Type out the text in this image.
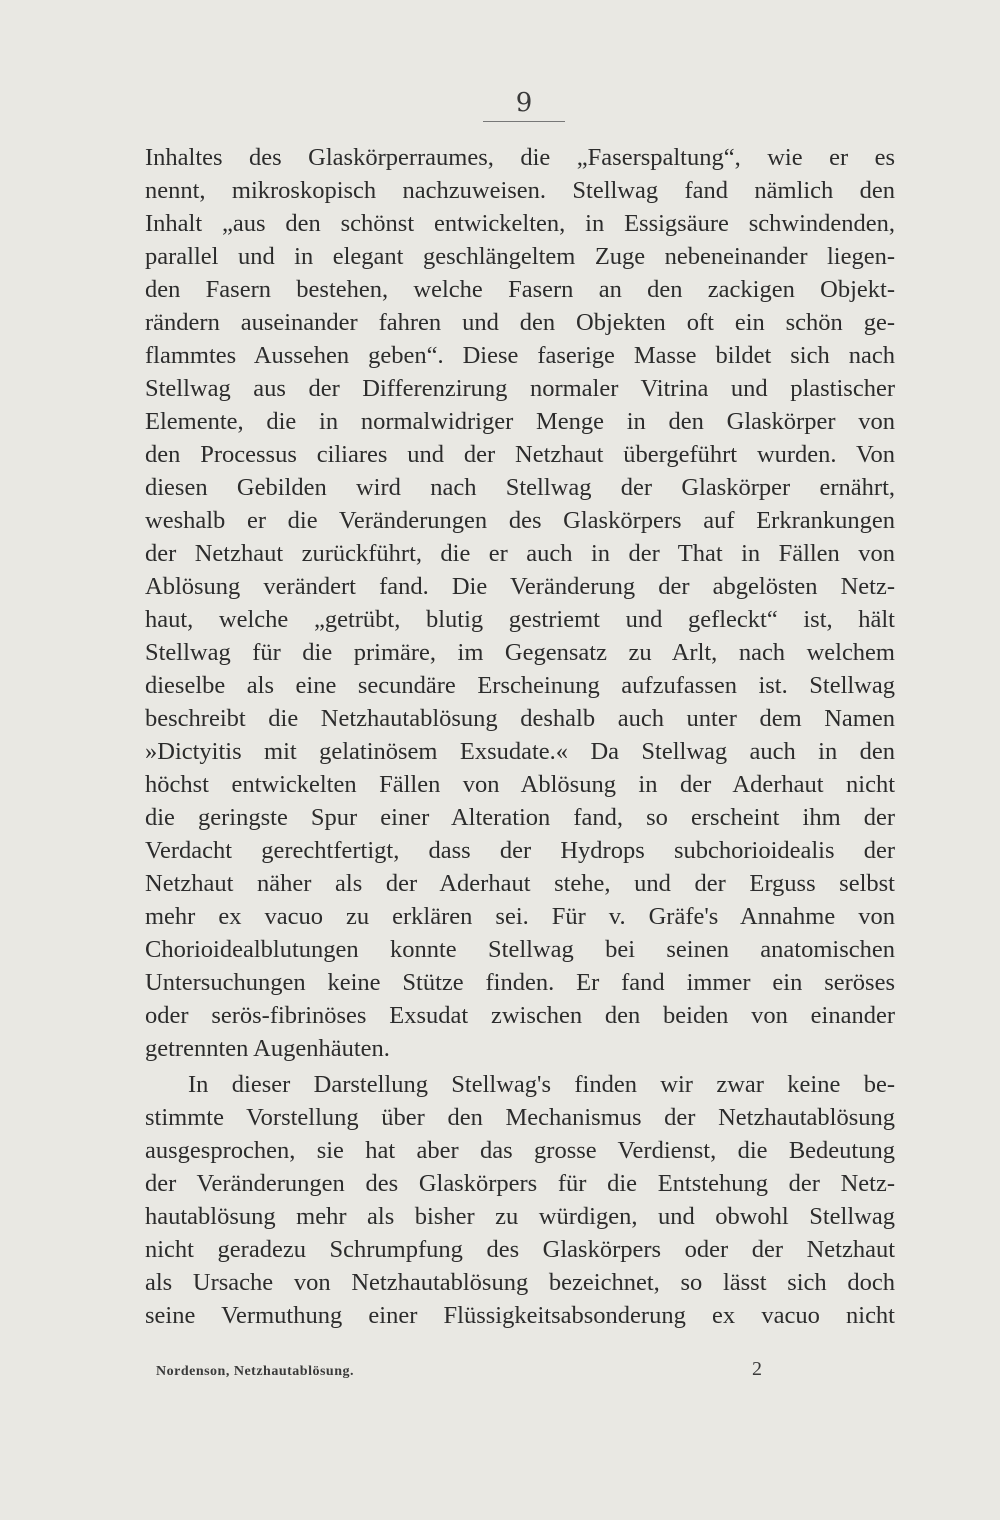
9
Inhaltes des Glaskörperraumes, die „Faserspaltung“, wie er es
nennt, mikroskopisch nachzuweisen. Stellwag fand nämlich den
Inhalt „aus den schönst entwickelten, in Essigsäure schwindenden,
parallel und in elegant geschlängeltem Zuge nebeneinander liegen-
den Fasern bestehen, welche Fasern an den zackigen Objekt-
rändern auseinander fahren und den Objekten oft ein schön ge-
flammtes Aussehen geben“. Diese faserige Masse bildet sich nach
Stellwag aus der Differenzirung normaler Vitrina und plastischer
Elemente, die in normalwidriger Menge in den Glaskörper von
den Processus ciliares und der Netzhaut übergeführt wurden. Von
diesen Gebilden wird nach Stellwag der Glaskörper ernährt,
weshalb er die Veränderungen des Glaskörpers auf Erkrankungen
der Netzhaut zurückführt, die er auch in der That in Fällen von
Ablösung verändert fand. Die Veränderung der abgelösten Netz-
haut, welche „getrübt, blutig gestriemt und gefleckt“ ist, hält
Stellwag für die primäre, im Gegensatz zu Arlt, nach welchem
dieselbe als eine secundäre Erscheinung aufzufassen ist. Stellwag
beschreibt die Netzhautablösung deshalb auch unter dem Namen
»Dictyitis mit gelatinösem Exsudate.« Da Stellwag auch in den
höchst entwickelten Fällen von Ablösung in der Aderhaut nicht
die geringste Spur einer Alteration fand, so erscheint ihm der
Verdacht gerechtfertigt, dass der Hydrops subchorioidealis der
Netzhaut näher als der Aderhaut stehe, und der Erguss selbst
mehr ex vacuo zu erklären sei. Für v. Gräfe's Annahme von
Chorioidealblutungen konnte Stellwag bei seinen anatomischen
Untersuchungen keine Stütze finden. Er fand immer ein seröses
oder serös-fibrinöses Exsudat zwischen den beiden von einander
getrennten Augenhäuten.
In dieser Darstellung Stellwag's finden wir zwar keine be-
stimmte Vorstellung über den Mechanismus der Netzhautablösung
ausgesprochen, sie hat aber das grosse Verdienst, die Bedeutung
der Veränderungen des Glaskörpers für die Entstehung der Netz-
hautablösung mehr als bisher zu würdigen, und obwohl Stellwag
nicht geradezu Schrumpfung des Glaskörpers oder der Netzhaut
als Ursache von Netzhautablösung bezeichnet, so lässt sich doch
seine Vermuthung einer Flüssigkeitsabsonderung ex vacuo nicht
Nordenson, Netzhautablösung.	2
